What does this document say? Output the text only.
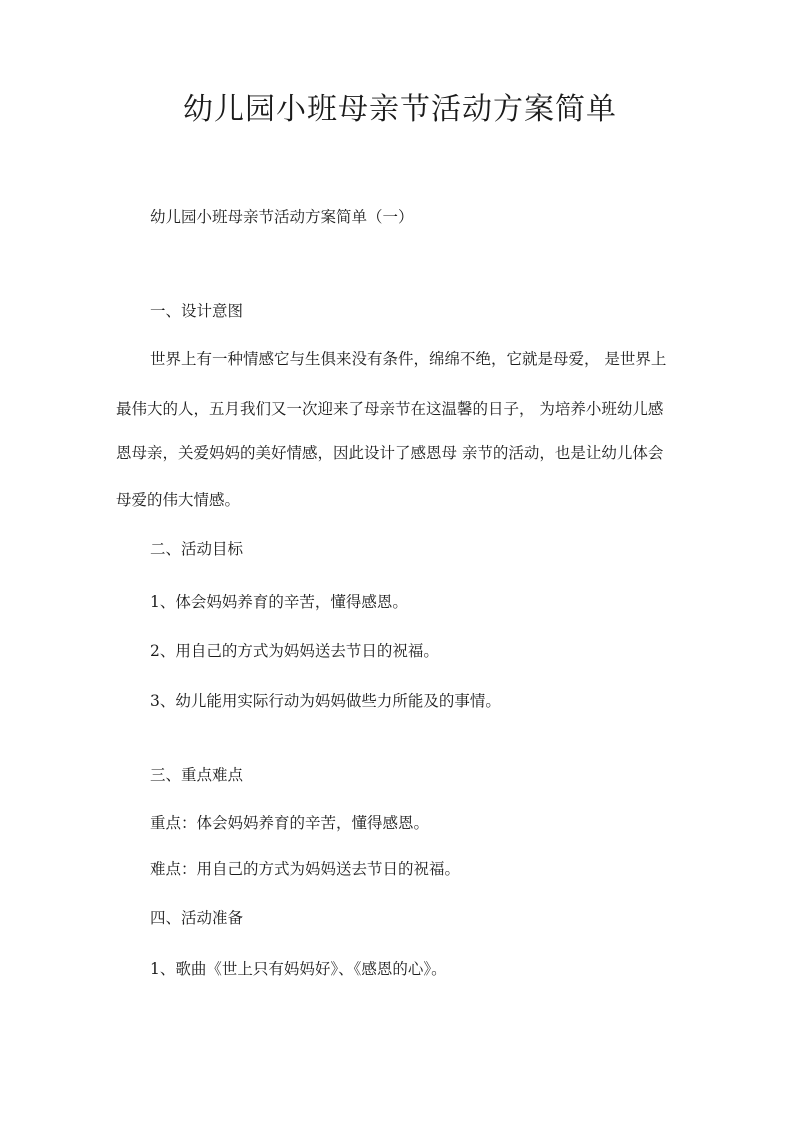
幼儿园小班母亲节活动方案简单
幼儿园小班母亲节活动方案简单（一）
一、设计意图
世界上有一种情感它与生俱来没有条件，绵绵不绝，它就是母爱， 是世界上
最伟大的人，五月我们又一次迎来了母亲节在这温馨的日子， 为培养小班幼儿感
恩母亲，关爱妈妈的美好情感，因此设计了感恩母 亲节的活动，也是让幼儿体会
母爱的伟大情感。
二、活动目标
1、体会妈妈养育的辛苦，懂得感恩。
2、用自己的方式为妈妈送去节日的祝福。
3、幼儿能用实际行动为妈妈做些力所能及的事情。
三、重点难点
重点：体会妈妈养育的辛苦，懂得感恩。
难点：用自己的方式为妈妈送去节日的祝福。
四、活动准备
1、歌曲《世上只有妈妈好》、《感恩的心》。
